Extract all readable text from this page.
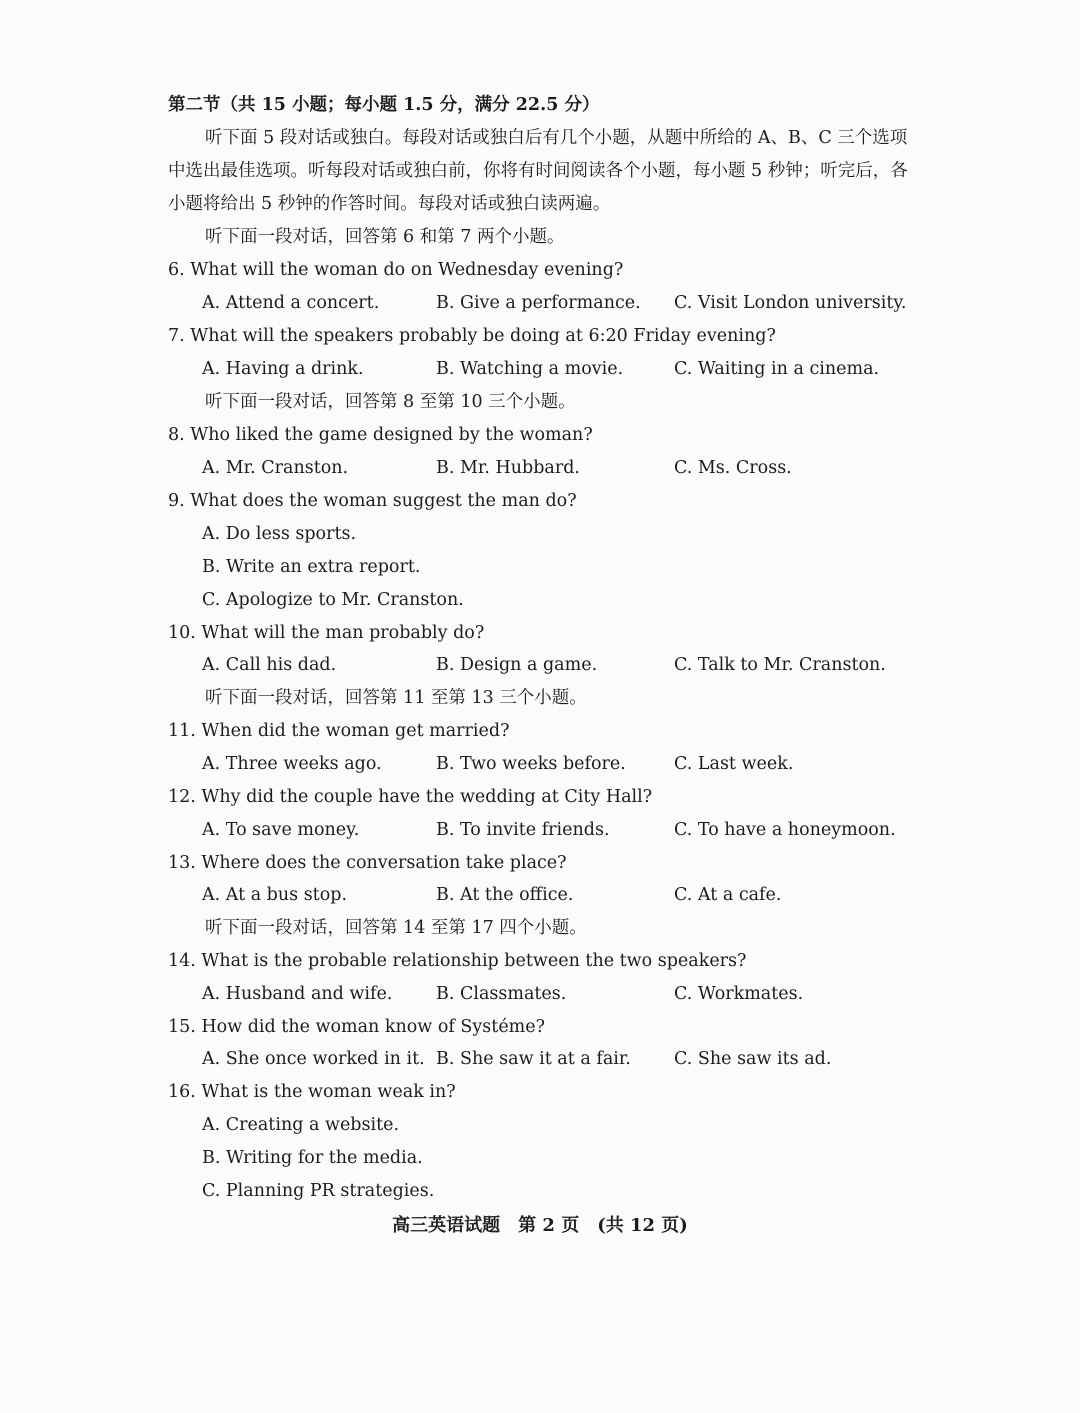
第二节（共 15 小题；每小题 1.5 分，满分 22.5 分）
听下面 5 段对话或独白。每段对话或独白后有几个小题，从题中所给的 A、B、C 三个选项
中选出最佳选项。听每段对话或独白前，你将有时间阅读各个小题，每小题 5 秒钟；听完后，各
小题将给出 5 秒钟的作答时间。每段对话或独白读两遍。
听下面一段对话，回答第 6 和第 7 两个小题。
6. What will the woman do on Wednesday evening?
A. Attend a concert.	B. Give a performance. C. Visit London university.
7. What will the speakers probably be doing at 6:20 Friday evening?
A. Having a drink.	B. Watching a movie.	C. Waiting in a cinema.
听下面一段对话，回答第 8 至第 10 三个小题。
8. Who liked the game designed by the woman?
A. Mr. Cranston.	B. Mr. Hubbard.	C. Ms. Cross.
9. What does the woman suggest the man do?
A. Do less sports.
B. Write an extra report.
C. Apologize to Mr. Cranston.
10. What will the man probably do?
A. Call his dad.	B. Design a game.	C. Talk to Mr. Cranston.
听下面一段对话，回答第 11 至第 13 三个小题。
11. When did the woman get married?
A. Three weeks ago.	B. Two weeks before.	C. Last week.
12. Why did the couple have the wedding at City Hall?
A. To save money.	B. To invite friends.	C. To have a honeymoon.
13. Where does the conversation take place?
A. At a bus stop.	B. At the office.	C. At a cafe.
听下面一段对话，回答第 14 至第 17 四个小题。
14. What is the probable relationship between the two speakers?
A. Husband and wife. B. Classmates.	C. Workmates.
15. How did the woman know of Systéme?
A. She once worked in it. B. She saw it at a fair. C. She saw its ad.
16. What is the woman weak in?
A. Creating a website.
B. Writing for the media.
C. Planning PR strategies.
高三英语试题　第 2 页　(共 12 页)
